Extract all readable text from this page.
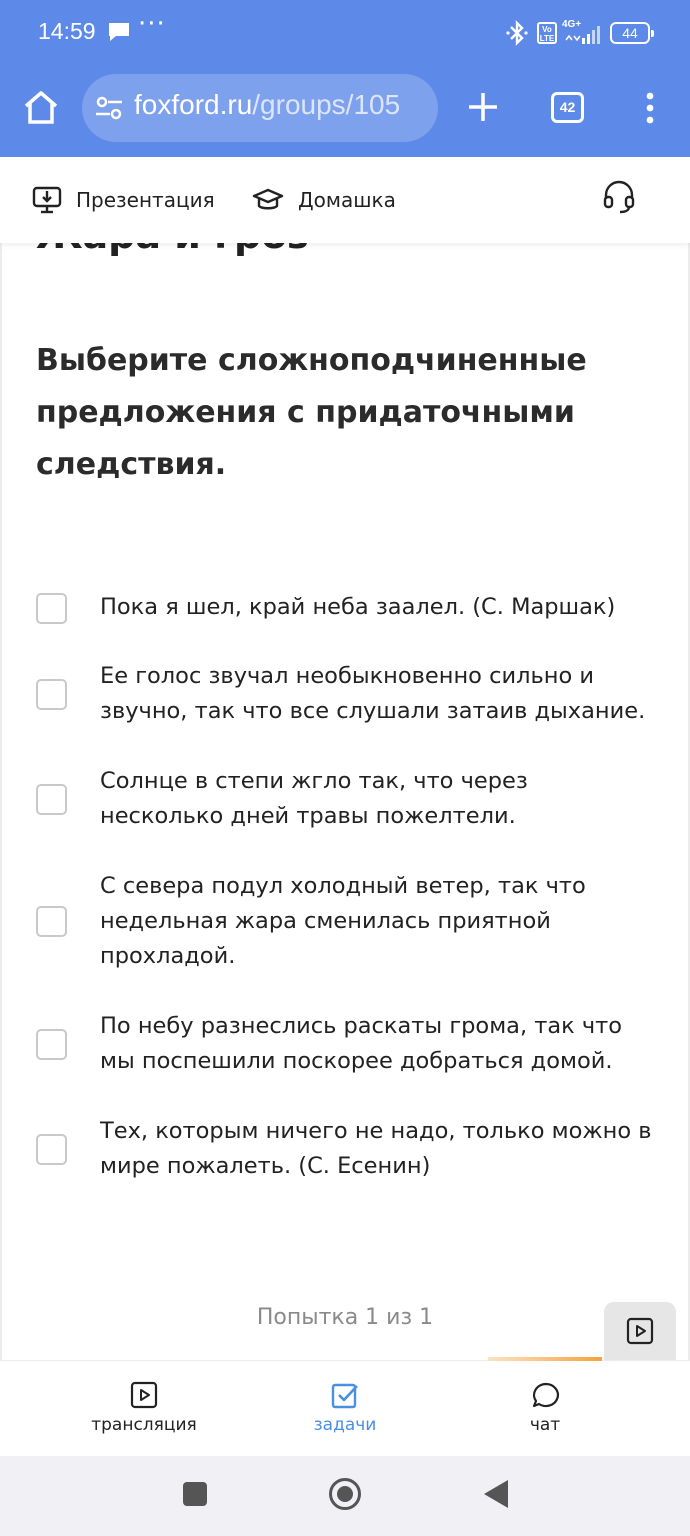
14:59 ···	Vo LTE
4G+
44
foxford.ru/groups/105	42
Презентация	Домашка
Выберите сложноподчиненные предложения с придаточными следствия.
Пока я шел, край неба заалел. (С. Маршак)
Ее голос звучал необыкновенно сильно и звучно, так что все слушали затаив дыхание.
Солнце в степи жгло так, что через несколько дней травы пожелтели.
С севера подул холодный ветер, так что недельная жара сменилась приятной прохладой.
По небу разнеслись раскаты грома, так что мы поспешили поскорее добраться домой.
Тех, которым ничего не надо, только можно в мире пожалеть. (С. Есенин)
Попытка 1 из 1
трансляция	задачи	чат
